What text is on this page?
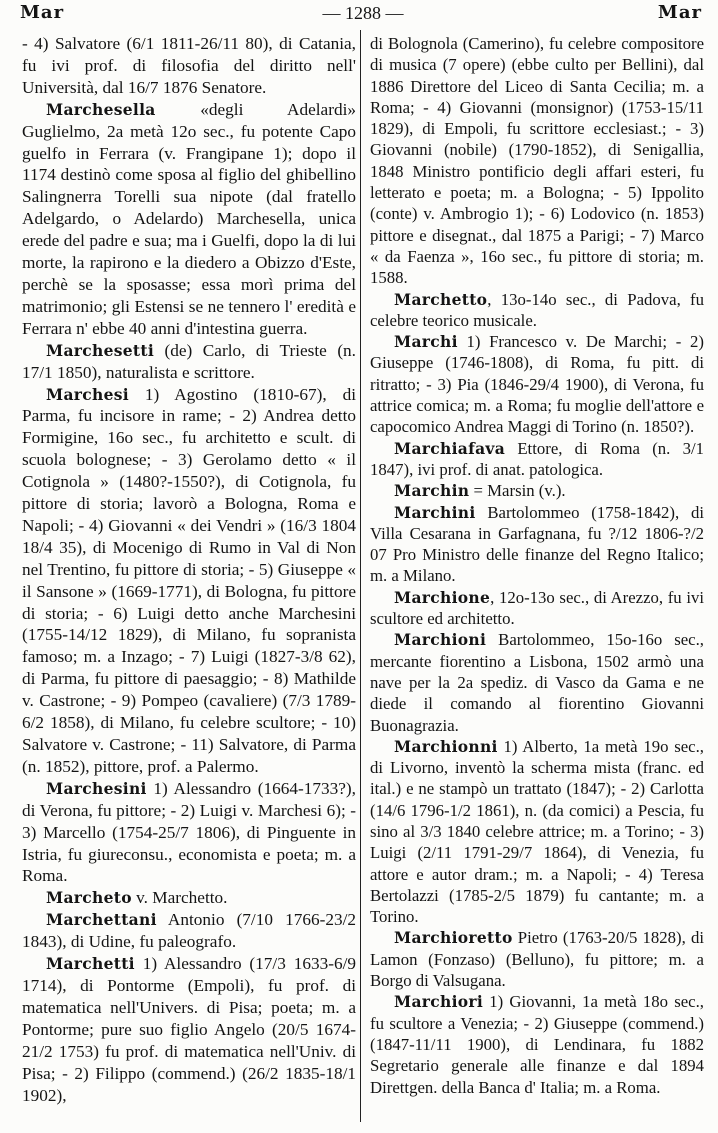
Mar	— 1288 —	Mar

- 4) Salvatore (6/1 1811-26/11 80), di Catania, fu ivi prof. di filosofia del diritto nell' Università, dal 16/7 1876 Senatore.

Marchesella «degli Adelardi» Guglielmo, 2a metà 12o sec., fu potente Capo guelfo in Ferrara (v. Frangipane 1); dopo il 1174 destinò come sposa al figlio del ghibellino Salingnerra Torelli sua nipote (dal fratello Adelgardo, o Adelardo) Marchesella, unica erede del padre e sua; ma i Guelfi, dopo la di lui morte, la rapirono e la diedero a Obizzo d'Este, perchè se la sposasse; essa morì prima del matrimonio; gli Estensi se ne tennero l' eredità e Ferrara n' ebbe 40 anni d'intestina guerra.

Marchesetti (de) Carlo, di Trieste (n. 17/1 1850), naturalista e scrittore.

Marchesi 1) Agostino (1810-67), di Parma, fu incisore in rame; - 2) Andrea detto Formigine, 16o sec., fu architetto e scult. di scuola bolognese; - 3) Gerolamo detto « il Cotignola » (1480?-1550?), di Cotignola, fu pittore di storia; lavorò a Bologna, Roma e Napoli; - 4) Giovanni « dei Vendri » (16/3 1804 18/4 35), di Mocenigo di Rumo in Val di Non nel Trentino, fu pittore di storia; - 5) Giuseppe « il Sansone » (1669-1771), di Bologna, fu pittore di storia; - 6) Luigi detto anche Marchesini (1755-14/12 1829), di Milano, fu sopranista famoso; m. a Inzago; - 7) Luigi (1827-3/8 62), di Parma, fu pittore di paesaggio; - 8) Mathilde v. Castrone; - 9) Pompeo (cavaliere) (7/3 1789-6/2 1858), di Milano, fu celebre scultore; - 10) Salvatore v. Castrone; - 11) Salvatore, di Parma (n. 1852), pittore, prof. a Palermo.

Marchesini 1) Alessandro (1664-1733?), di Verona, fu pittore; - 2) Luigi v. Marchesi 6); - 3) Marcello (1754-25/7 1806), di Pinguente in Istria, fu giureconsu., economista e poeta; m. a Roma.

Marcheto v. Marchetto.

Marchettani Antonio (7/10 1766-23/2 1843), di Udine, fu paleografo.

Marchetti 1) Alessandro (17/3 1633-6/9 1714), di Pontorme (Empoli), fu prof. di matematica nell'Univers. di Pisa; poeta; m. a Pontorme; pure suo figlio Angelo (20/5 1674-21/2 1753) fu prof. di matematica nell'Univ. di Pisa; - 2) Filippo (commend.) (26/2 1835-18/1 1902),

di Bolognola (Camerino), fu celebre compositore di musica (7 opere) (ebbe culto per Bellini), dal 1886 Direttore del Liceo di Santa Cecilia; m. a Roma; - 4) Giovanni (monsignor) (1753-15/11 1829), di Empoli, fu scrittore ecclesiast.; - 3) Giovanni (nobile) (1790-1852), di Senigallia, 1848 Ministro pontificio degli affari esteri, fu letterato e poeta; m. a Bologna; - 5) Ippolito (conte) v. Ambrogio 1); - 6) Lodovico (n. 1853) pittore e disegnat., dal 1875 a Parigi; - 7) Marco « da Faenza », 16o sec., fu pittore di storia; m. 1588.

Marchetto, 13o-14o sec., di Padova, fu celebre teorico musicale.

Marchi 1) Francesco v. De Marchi; - 2) Giuseppe (1746-1808), di Roma, fu pitt. di ritratto; - 3) Pia (1846-29/4 1900), di Verona, fu attrice comica; m. a Roma; fu moglie dell'attore e capocomico Andrea Maggi di Torino (n. 1850?).

Marchiafava Ettore, di Roma (n. 3/1 1847), ivi prof. di anat. patologica.

Marchin = Marsin (v.).

Marchini Bartolommeo (1758-1842), di Villa Cesarana in Garfagnana, fu ?/12 1806-?/2 07 Pro Ministro delle finanze del Regno Italico; m. a Milano.

Marchione, 12o-13o sec., di Arezzo, fu ivi scultore ed architetto.

Marchioni Bartolommeo, 15o-16o sec., mercante fiorentino a Lisbona, 1502 armò una nave per la 2a spediz. di Vasco da Gama e ne diede il comando al fiorentino Giovanni Buonagrazia.

Marchionni 1) Alberto, 1a metà 19o sec., di Livorno, inventò la scherma mista (franc. ed ital.) e ne stampò un trattato (1847); - 2) Carlotta (14/6 1796-1/2 1861), n. (da comici) a Pescia, fu sino al 3/3 1840 celebre attrice; m. a Torino; - 3) Luigi (2/11 1791-29/7 1864), di Venezia, fu attore e autor dram.; m. a Napoli; - 4) Teresa Bertolazzi (1785-2/5 1879) fu cantante; m. a Torino.

Marchioretto Pietro (1763-20/5 1828), di Lamon (Fonzaso) (Belluno), fu pittore; m. a Borgo di Valsugana.

Marchiori 1) Giovanni, 1a metà 18o sec., fu scultore a Venezia; - 2) Giuseppe (commend.) (1847-11/11 1900), di Lendinara, fu 1882 Segretario generale alle finanze e dal 1894 Direttgen. della Banca d' Italia; m. a Roma.
